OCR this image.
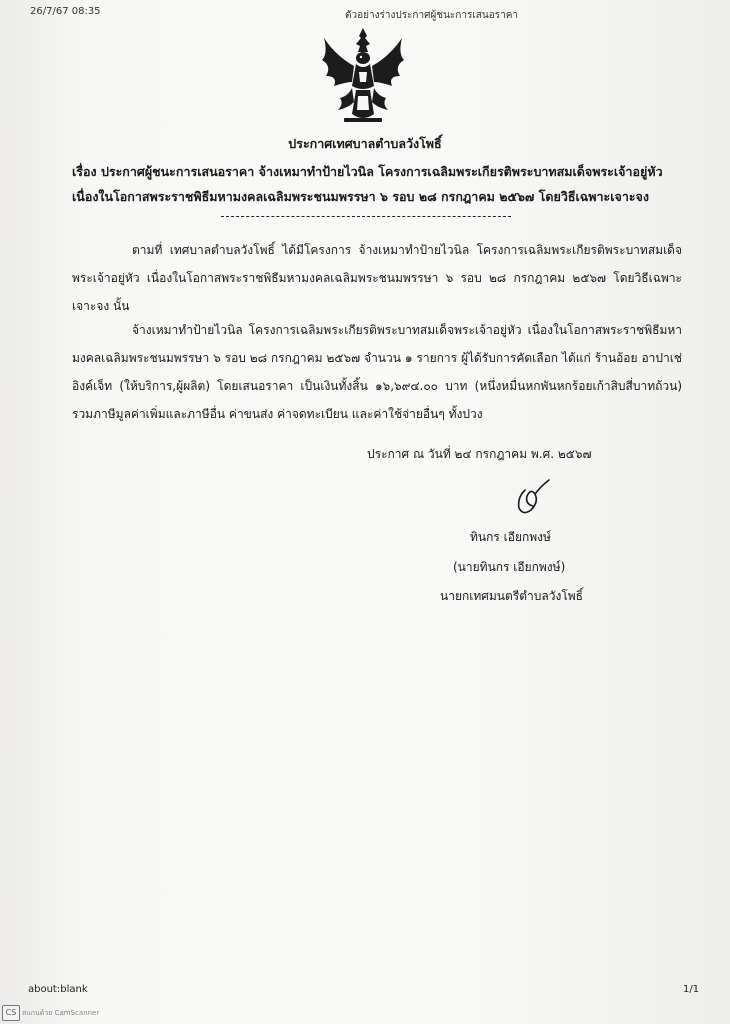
26/7/67 08:35	ตัวอย่างร่างประกาศผู้ชนะการเสนอราคา
ประกาศเทศบาลตำบลวังโพธิ์
เรื่อง ประกาศผู้ชนะการเสนอราคา จ้างเหมาทำป้ายไวนิล โครงการเฉลิมพระเกียรติพระบาทสมเด็จพระเจ้าอยู่หัว
เนื่องในโอกาสพระราชพิธีมหามงคลเฉลิมพระชนมพรรษา ๖ รอบ ๒๘ กรกฎาคม ๒๕๖๗ โดยวิธีเฉพาะเจาะจง
ตามที่ เทศบาลตำบลวังโพธิ์ ได้มีโครงการ จ้างเหมาทำป้ายไวนิล โครงการเฉลิมพระเกียรติพระบาทสมเด็จพระเจ้าอยู่หัว เนื่องในโอกาสพระราชพิธีมหามงคลเฉลิมพระชนมพรรษา ๖ รอบ ๒๘ กรกฎาคม ๒๕๖๗ โดยวิธีเฉพาะเจาะจง นั้น
จ้างเหมาทำป้ายไวนิล โครงการเฉลิมพระเกียรติพระบาทสมเด็จพระเจ้าอยู่หัว เนื่องในโอกาสพระราชพิธีมหามงคลเฉลิมพระชนมพรรษา ๖ รอบ ๒๘ กรกฎาคม ๒๕๖๗ จำนวน ๑ รายการ ผู้ได้รับการคัดเลือก ได้แก่ ร้านอ้อย อาปาเช่ อิงค์เจ็ท (ให้บริการ,ผู้ผลิต) โดยเสนอราคา เป็นเงินทั้งสิ้น ๑๖,๖๙๔.๐๐ บาท (หนึ่งหมื่นหกพันหกร้อยเก้าสิบสี่บาทถ้วน) รวมภาษีมูลค่าเพิ่มและภาษีอื่น ค่าขนส่ง ค่าจดทะเบียน และค่าใช้จ่ายอื่นๆ ทั้งปวง
ประกาศ ณ วันที่ ๒๔ กรกฎาคม พ.ศ. ๒๕๖๗
ทินกร เอียกพงษ์
(นายทินกร เอียกพงษ์)
นายกเทศมนตรีตำบลวังโพธิ์
about:blank	1/1
CS สแกนด้วย CamScanner
